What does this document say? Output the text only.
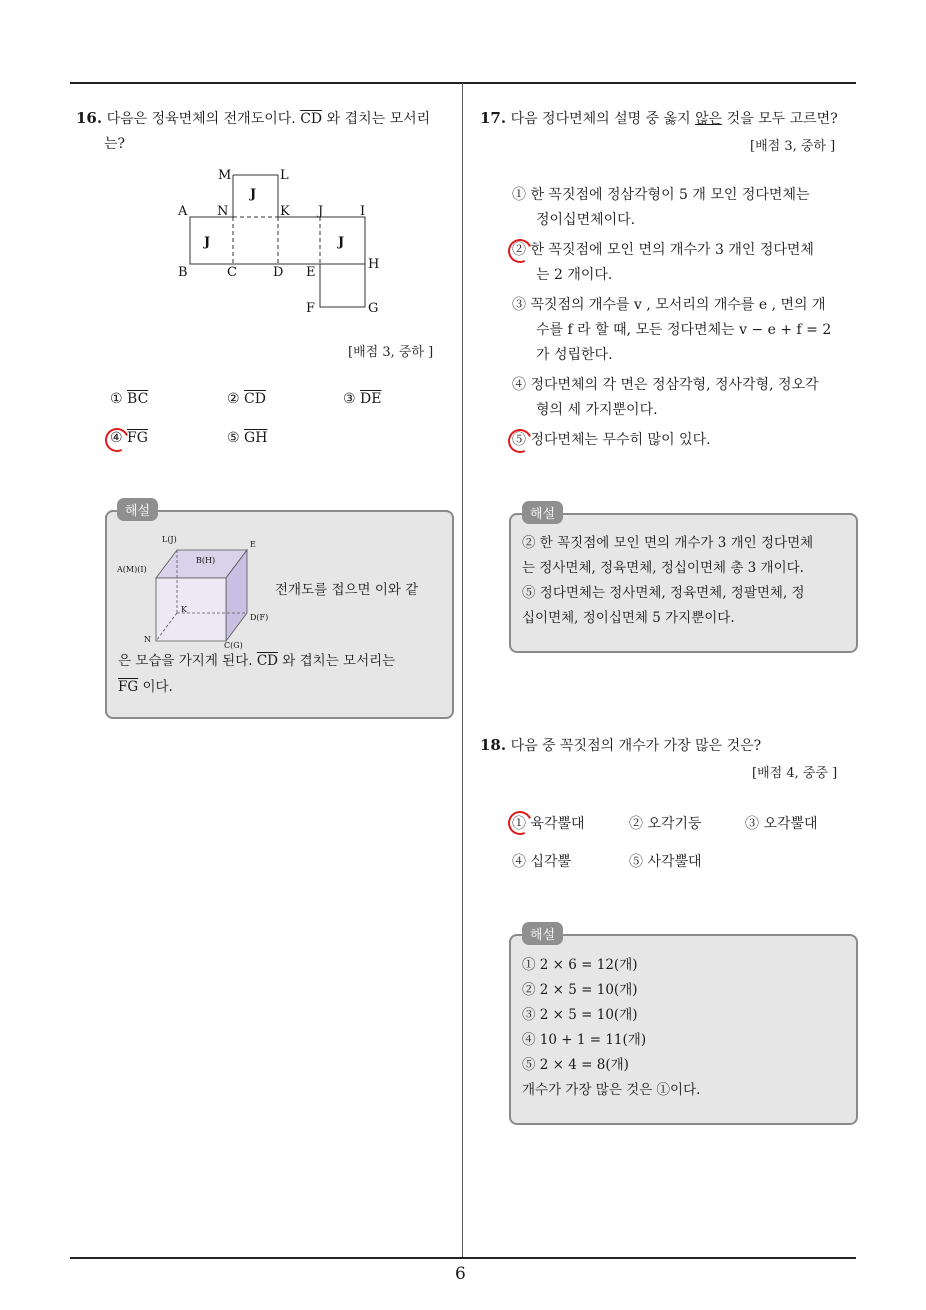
6
16. 다음은 정육면체의 전개도이다. $\overline{CD}$ 와 겹치는 모서리
는?
M	L
A N	K J	I
B	C	D E
H
F	G
J
J	J
[배점 3, 중하 ]
① $\overline{BC}$	② $\overline{CD}$	③ $\overline{DE}$
④ $\overline{FG}$	⑤ $\overline{GH}$
해설
L(J)
E
A(M)(I)
B(H)
K
D(F)
N
C(G)
전개도를 접으면 이와 같
은 모습을 가지게 된다. $\overline{CD}$ 와 겹치는 모서리는
$\overline{FG}$ 이다.
17. 다음 정다면체의 설명 중 옳지 않은 것을 모두 고르면?
[배점 3, 중하 ]
① 한 꼭짓점에 정삼각형이 5 개 모인 정다면체는
정이십면체이다.
② 한 꼭짓점에 모인 면의 개수가 3 개인 정다면체
는 2 개이다.
③ 꼭짓점의 개수를 v , 모서리의 개수를 e , 면의 개
수를 f 라 할 때, 모든 정다면체는 v − e + f = 2
가 성립한다.
④ 정다면체의 각 면은 정삼각형, 정사각형, 정오각
형의 세 가지뿐이다.
⑤ 정다면체는 무수히 많이 있다.
해설
② 한 꼭짓점에 모인 면의 개수가 3 개인 정다면체
는 정사면체, 정육면체, 정십이면체 총 3 개이다.
⑤ 정다면체는 정사면체, 정육면체, 정팔면체, 정
십이면체, 정이십면체 5 가지뿐이다.
18. 다음 중 꼭짓점의 개수가 가장 많은 것은?
[배점 4, 중중 ]
① 육각뿔대	② 오각기둥	③ 오각뿔대
④ 십각뿔	⑤ 사각뿔대
해설
① 2 × 6 = 12(개)
② 2 × 5 = 10(개)
③ 2 × 5 = 10(개)
④ 10 + 1 = 11(개)
⑤ 2 × 4 = 8(개)
개수가 가장 많은 것은 ①이다.
